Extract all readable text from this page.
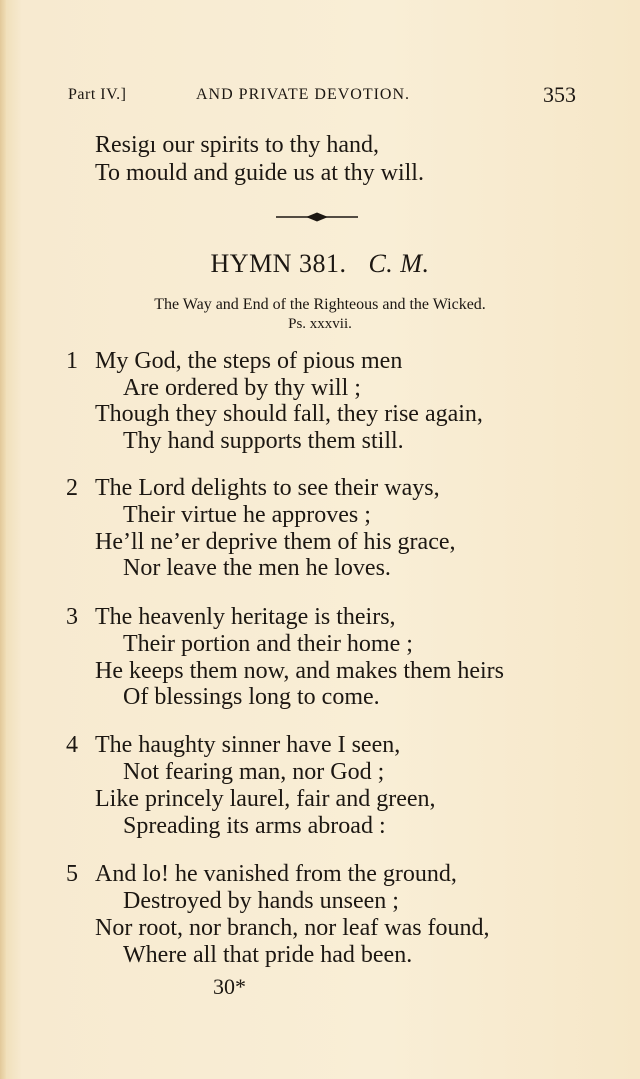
Part IV.]	AND PRIVATE DEVOTION.	353
Resigı our spirits to thy hand,
To mould and guide us at thy will.
HYMN 381. C. M.
The Way and End of the Righteous and the Wicked.
Ps. xxxvii.
1 My God, the steps of pious men
Are ordered by thy will ;
Though they should fall, they rise again,
Thy hand supports them still.
2 The Lord delights to see their ways,
Their virtue he approves ;
He’ll ne’er deprive them of his grace,
Nor leave the men he loves.
3 The heavenly heritage is theirs,
Their portion and their home ;
He keeps them now, and makes them heirs
Of blessings long to come.
4 The haughty sinner have I seen,
Not fearing man, nor God ;
Like princely laurel, fair and green,
Spreading its arms abroad :
5 And lo! he vanished from the ground,
Destroyed by hands unseen ;
Nor root, nor branch, nor leaf was found,
Where all that pride had been.
30*
